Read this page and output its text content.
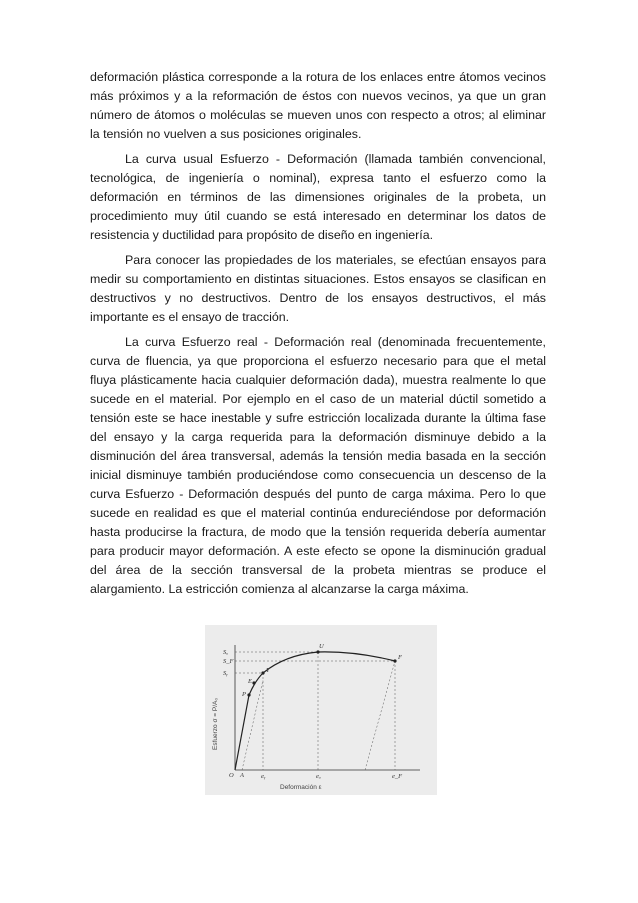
deformación plástica corresponde a la rotura de los enlaces entre átomos vecinos más próximos y a la reformación de éstos con nuevos vecinos, ya que un gran número de átomos o moléculas se mueven unos con respecto a otros; al eliminar la tensión no vuelven a sus posiciones originales.

La curva usual Esfuerzo - Deformación (llamada también convencional, tecnológica, de ingeniería o nominal), expresa tanto el esfuerzo como la deformación en términos de las dimensiones originales de la probeta, un procedimiento muy útil cuando se está interesado en determinar los datos de resistencia y ductilidad para propósito de diseño en ingeniería.

Para conocer las propiedades de los materiales, se efectúan ensayos para medir su comportamiento en distintas situaciones. Estos ensayos se clasifican en destructivos y no destructivos. Dentro de los ensayos destructivos, el más importante es el ensayo de tracción.

La curva Esfuerzo real - Deformación real (denominada frecuentemente, curva de fluencia, ya que proporciona el esfuerzo necesario para que el metal fluya plásticamente hacia cualquier deformación dada), muestra realmente lo que sucede en el material. Por ejemplo en el caso de un material dúctil sometido a tensión este se hace inestable y sufre estricción localizada durante la última fase del ensayo y la carga requerida para la deformación disminuye debido a la disminución del área transversal, además la tensión media basada en la sección inicial disminuye también produciéndose como consecuencia un descenso de la curva Esfuerzo - Deformación después del punto de carga máxima. Pero lo que sucede en realidad es que el material continúa endureciéndose por deformación hasta producirse la fractura, de modo que la tensión requerida debería aumentar para producir mayor deformación. A este efecto se opone la disminución gradual del área de la sección transversal de la probeta mientras se produce el alargamiento. La estricción comienza al alcanzarse la carga máxima.

U
F
Y
E
P
Sᵤ
S_F
Sᵧ
O A	eᵧ	eᵤ	e_F
Deformación ε
Esfuerzo σ = P/A₀
